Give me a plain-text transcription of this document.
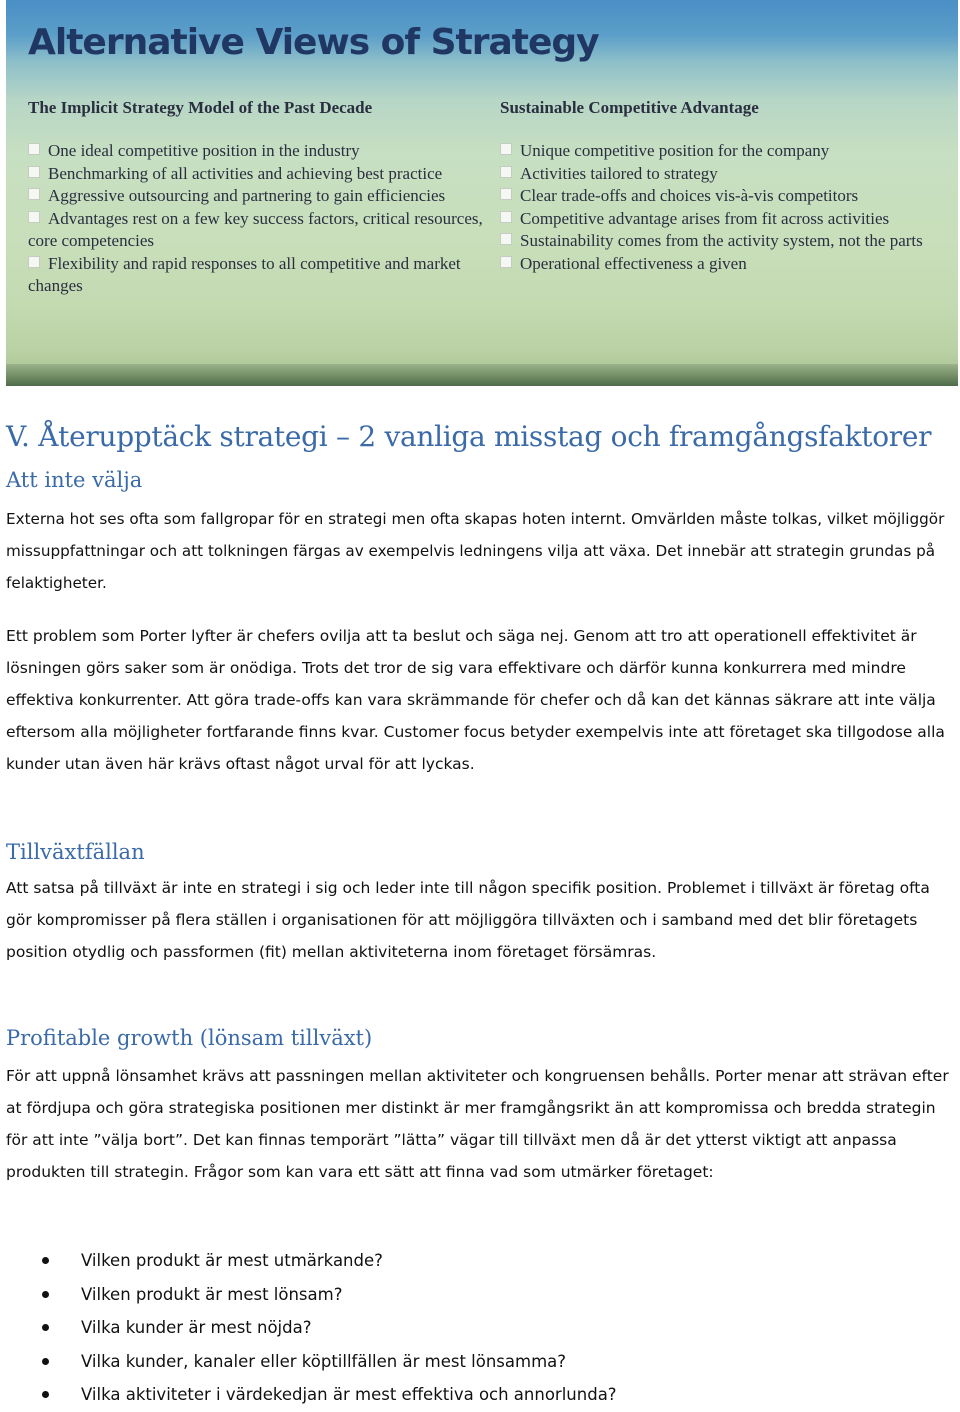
Alternative Views of Strategy

The Implicit Strategy Model of the Past Decade

One ideal competitive position in the industry
Benchmarking of all activities and achieving best practice
Aggressive outsourcing and partnering to gain efficiencies
Advantages rest on a few key success factors, critical resources, core competencies
Flexibility and rapid responses to all competitive and market changes

Sustainable Competitive Advantage

Unique competitive position for the company
Activities tailored to strategy
Clear trade-offs and choices vis-à-vis competitors
Competitive advantage arises from fit across activities
Sustainability comes from the activity system, not the parts
Operational effectiveness a given
V. Återupptäck strategi – 2 vanliga misstag och framgångsfaktorer
Att inte välja

Externa hot ses ofta som fallgropar för en strategi men ofta skapas hoten internt. Omvärlden måste tolkas, vilket möjliggör missuppfattningar och att tolkningen färgas av exempelvis ledningens vilja att växa. Det innebär att strategin grundas på felaktigheter.

Ett problem som Porter lyfter är chefers ovilja att ta beslut och säga nej. Genom att tro att operationell effektivitet är lösningen görs saker som är onödiga. Trots det tror de sig vara effektivare och därför kunna konkurrera med mindre effektiva konkurrenter. Att göra trade-offs kan vara skrämmande för chefer och då kan det kännas säkrare att inte välja eftersom alla möjligheter fortfarande finns kvar. Customer focus betyder exempelvis inte att företaget ska tillgodose alla kunder utan även här krävs oftast något urval för att lyckas.

Tillväxtfällan

Att satsa på tillväxt är inte en strategi i sig och leder inte till någon specifik position. Problemet i tillväxt är företag ofta gör kompromisser på flera ställen i organisationen för att möjliggöra tillväxten och i samband med det blir företagets position otydlig och passformen (fit) mellan aktiviteterna inom företaget försämras.

Profitable growth (lönsam tillväxt)

För att uppnå lönsamhet krävs att passningen mellan aktiviteter och kongruensen behålls. Porter menar att strävan efter at fördjupa och göra strategiska positionen mer distinkt är mer framgångsrikt än att kompromissa och bredda strategin för att inte ”välja bort”. Det kan finnas temporärt ”lätta” vägar till tillväxt men då är det ytterst viktigt att anpassa produkten till strategin. Frågor som kan vara ett sätt att finna vad som utmärker företaget:

Vilken produkt är mest utmärkande?
Vilken produkt är mest lönsam?
Vilka kunder är mest nöjda?
Vilka kunder, kanaler eller köptillfällen är mest lönsamma?
Vilka aktiviteter i värdekedjan är mest effektiva och annorlunda?
